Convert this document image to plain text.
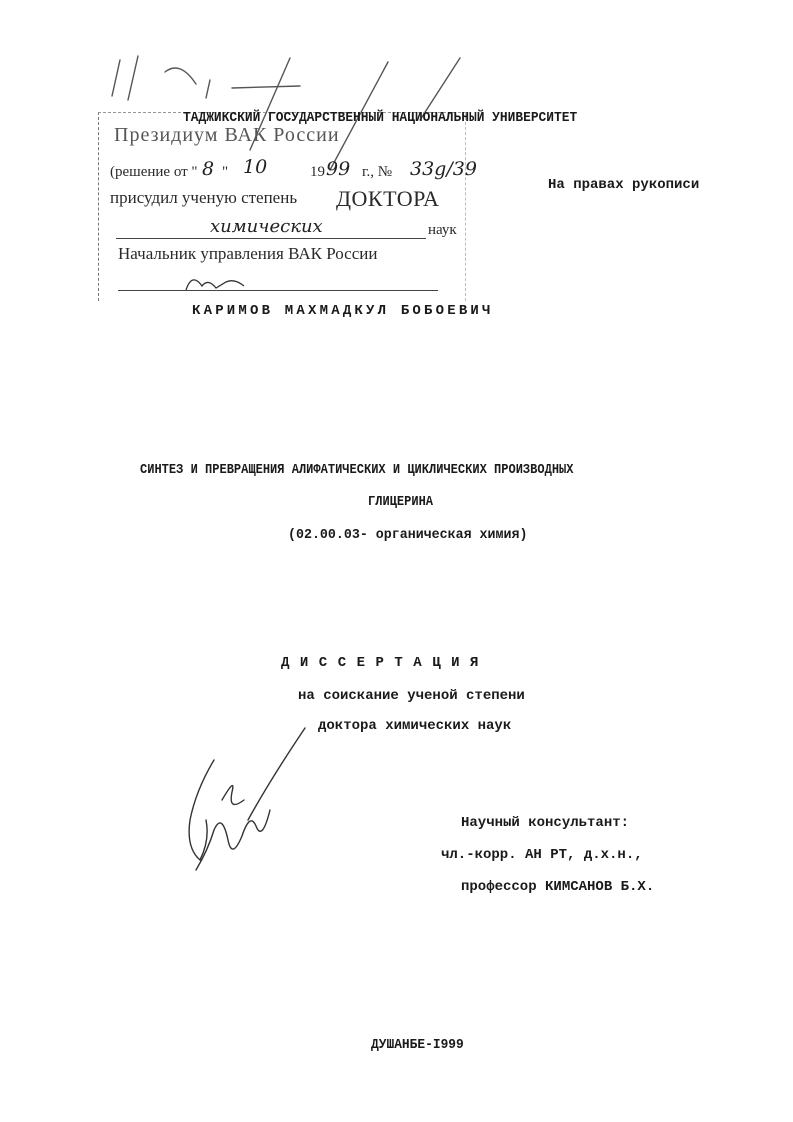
Президиум ВАК России
(решение от " 8 " 10	19 99 г., № 33g/39
присудил ученую степень ДОКТОРА
химических	наук
Начальник управления ВАК России
ТАДЖИКСКИЙ ГОСУДАРСТВЕННЫЙ НАЦИОНАЛЬНЫЙ УНИВЕРСИТЕТ
На правах рукописи
КАРИМОВ МАХМАДКУЛ БОБОЕВИЧ
СИНТЕЗ И ПРЕВРАЩЕНИЯ АЛИФАТИЧЕСКИХ И ЦИКЛИЧЕСКИХ ПРОИЗВОДНЫХ
ГЛИЦЕРИНА
(02.00.03- органическая химия)
ДИССЕРТАЦИЯ
на соискание ученой степени
доктора химических наук
Научный консультант:
чл.-корр. АН РТ, д.х.н.,
профессор КИМСАНОВ Б.Х.
ДУШАНБЕ-I999
